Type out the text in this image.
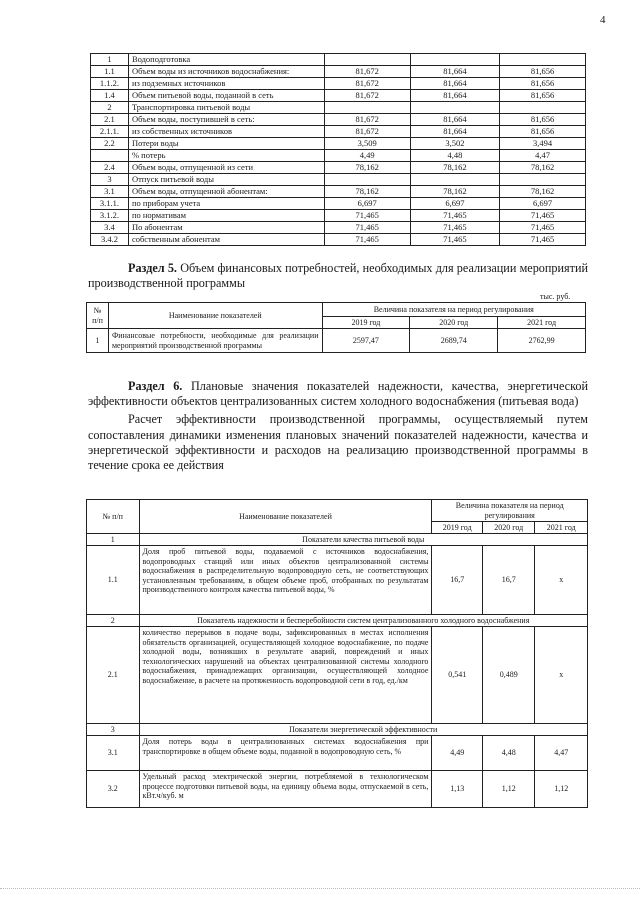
4
1	Водоподготовка			
1.1	Объем воды из источников водоснабжения:	81,672	81,664	81,656
1.1.2.	из подземных источников	81,672	81,664	81,656
1.4	Объем питьевой воды, поданной в сеть	81,672	81,664	81,656
2	Транспортировка питьевой воды			
2.1	Объем воды, поступившей в сеть:	81,672	81,664	81,656
2.1.1.	из собственных источников	81,672	81,664	81,656
2.2	Потери воды	3,509	3,502	3,494
	% потерь	4,49	4,48	4,47
2.4	Объем воды, отпущенной из сети	78,162	78,162	78,162
3	Отпуск питьевой воды			
3.1	Объем воды, отпущенной абонентам:	78,162	78,162	78,162
3.1.1.	по приборам учета	6,697	6,697	6,697
3.1.2.	по нормативам	71,465	71,465	71,465
3.4	По абонентам	71,465	71,465	71,465
3.4.2	собственным абонентам	71,465	71,465	71,465
Раздел 5. Объем финансовых потребностей, необходимых для реализации мероприятий производственной программы
тыс. руб.
№ п/п	Наименование показателей	Величина показателя на период регулирования		
		2019 год	2020 год	2021 год
1	Финансовые потребности, необходимые для реализации мероприятий производственной программы	2597,47	2689,74	2762,99

Раздел 6. Плановые значения показателей надежности, качества, энергетической эффективности объектов централизованных систем холодного водоснабжения (питьевая вода)

Расчет эффективности производственной программы, осуществляемый путем сопоставления динамики изменения плановых значений показателей надежности, качества и энергетической эффективности и расходов на реализацию производственной программы в течение срока ее действия

№ п/п	Наименование показателей	Величина показателя на период регулирования		
		2019 год	2020 год	2021 год
1	Показатели качества питьевой воды			
1.1	Доля проб питьевой воды, подаваемой с источников водоснабжения, водопроводных станций или иных объектов централизованной системы водоснабжения в распределительную водопроводную сеть, не соответствующих установленным требованиям, в общем объеме проб, отобранных по результатам производственного контроля качества питьевой воды, %	16,7	16,7	х
2	Показатель надежности и бесперебойности систем централизованного холодного водоснабжения			
2.1	количество перерывов в подаче воды, зафиксированных в местах исполнения обязательств организацией, осуществляющей холодное водоснабжение, по подаче холодной воды, возникших в результате аварий, повреждений и иных технологических нарушений на объектах централизованной системы холодного водоснабжения, принадлежащих организации, осуществляющей холодное водоснабжение, в расчете на протяженность водопроводной сети в год, ед./км	0,541	0,489	х
3	Показатели энергетической эффективности			
3.1	Доля потерь воды в централизованных системах водоснабжения при транспортировке в общем объеме воды, поданной в водопроводную сеть, %	4,49	4,48	4,47
3.2	Удельный расход электрической энергии, потребляемой в технологическом процессе подготовки питьевой воды, на единицу объема воды, отпускаемой в сеть, кВт.ч/куб. м	1,13	1,12	1,12
